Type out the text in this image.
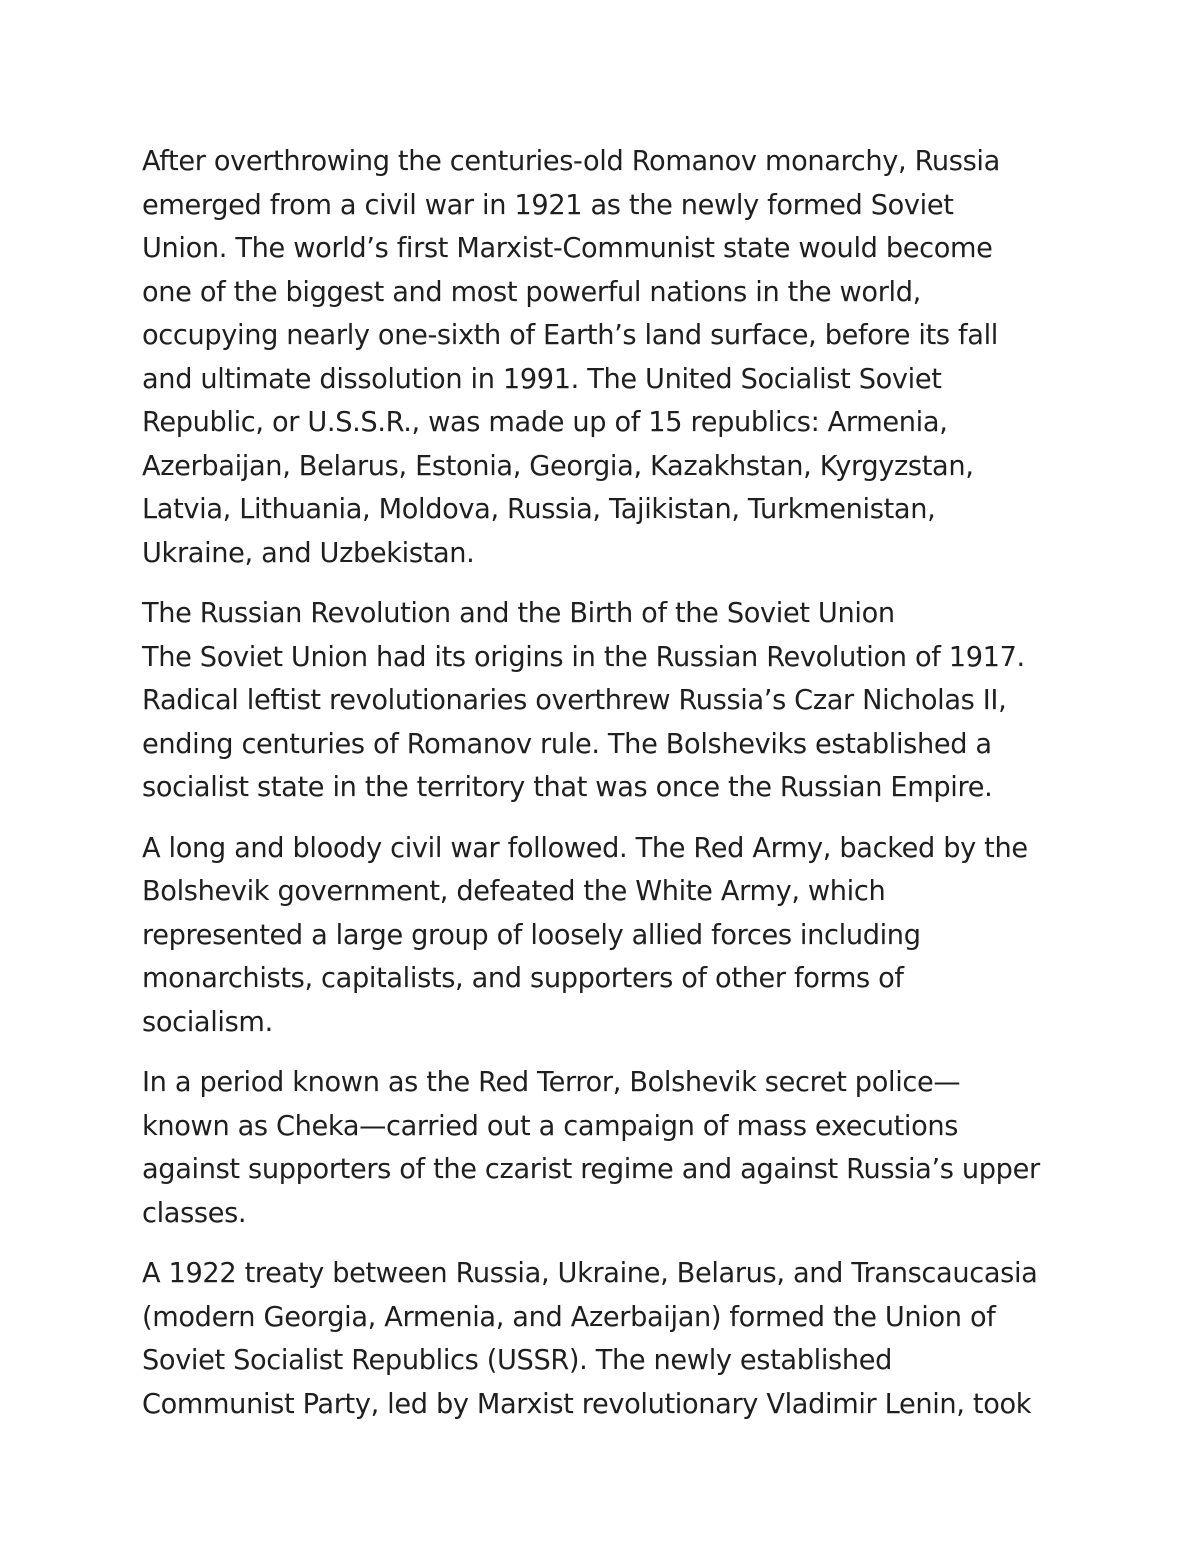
After overthrowing the centuries-old Romanov monarchy, Russia
emerged from a civil war in 1921 as the newly formed Soviet
Union. The world’s first Marxist-Communist state would become
one of the biggest and most powerful nations in the world,
occupying nearly one-sixth of Earth’s land surface, before its fall
and ultimate dissolution in 1991. The United Socialist Soviet
Republic, or U.S.S.R., was made up of 15 republics: Armenia,
Azerbaijan, Belarus, Estonia, Georgia, Kazakhstan, Kyrgyzstan,
Latvia, Lithuania, Moldova, Russia, Tajikistan, Turkmenistan,
Ukraine, and Uzbekistan.
The Russian Revolution and the Birth of the Soviet Union
The Soviet Union had its origins in the Russian Revolution of 1917.
Radical leftist revolutionaries overthrew Russia’s Czar Nicholas II,
ending centuries of Romanov rule. The Bolsheviks established a
socialist state in the territory that was once the Russian Empire.
A long and bloody civil war followed. The Red Army, backed by the
Bolshevik government, defeated the White Army, which
represented a large group of loosely allied forces including
monarchists, capitalists, and supporters of other forms of
socialism.
In a period known as the Red Terror, Bolshevik secret police—
known as Cheka—carried out a campaign of mass executions
against supporters of the czarist regime and against Russia’s upper
classes.
A 1922 treaty between Russia, Ukraine, Belarus, and Transcaucasia
(modern Georgia, Armenia, and Azerbaijan) formed the Union of
Soviet Socialist Republics (USSR). The newly established
Communist Party, led by Marxist revolutionary Vladimir Lenin, took
